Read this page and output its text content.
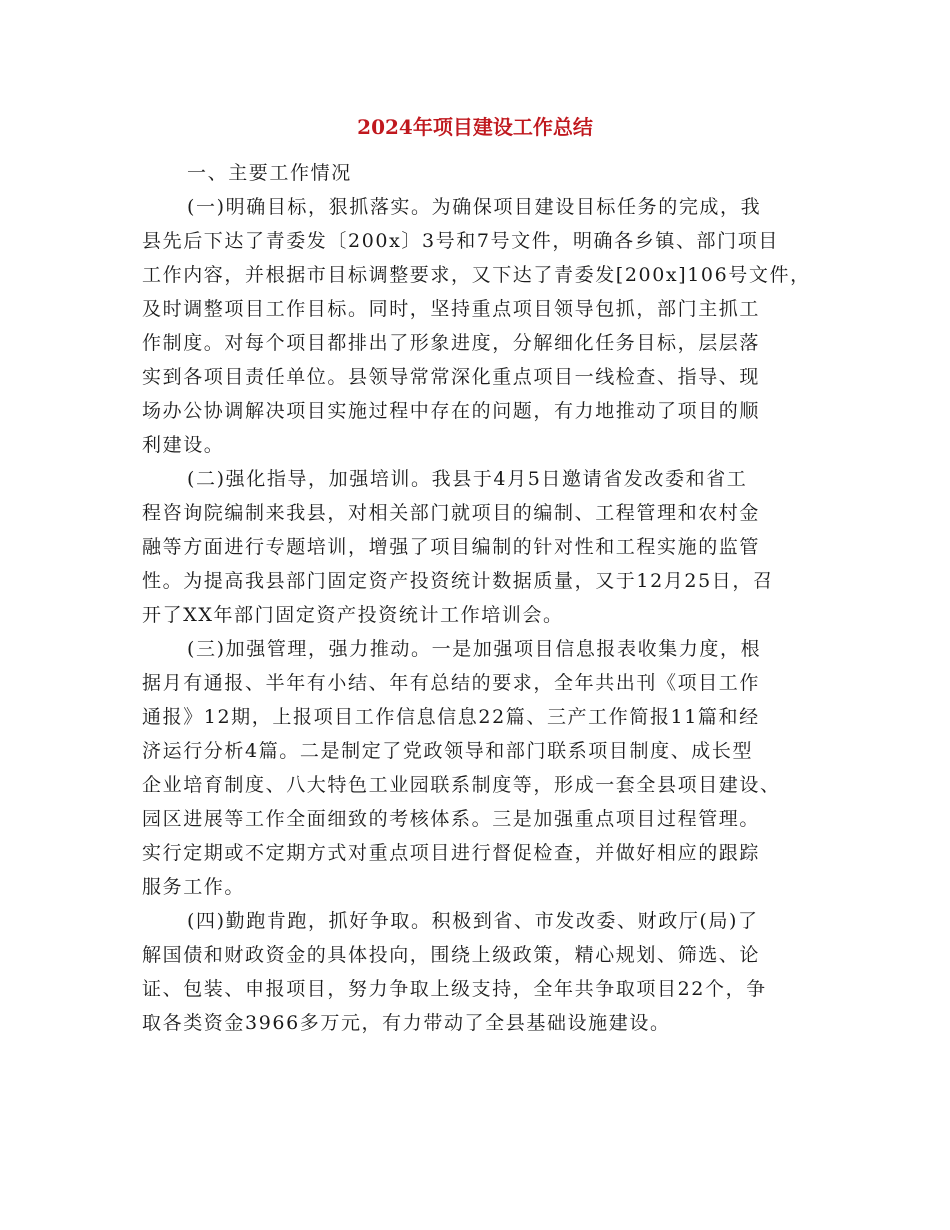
2024年项目建设工作总结
一、主要工作情况
(一)明确目标，狠抓落实。为确保项目建设目标任务的完成，我
县先后下达了青委发〔200x〕3号和7号文件，明确各乡镇、部门项目
工作内容，并根据市目标调整要求，又下达了青委发[200x]106号文件，
及时调整项目工作目标。同时，坚持重点项目领导包抓，部门主抓工
作制度。对每个项目都排出了形象进度，分解细化任务目标，层层落
实到各项目责任单位。县领导常常深化重点项目一线检查、指导、现
场办公协调解决项目实施过程中存在的问题，有力地推动了项目的顺
利建设。
(二)强化指导，加强培训。我县于4月5日邀请省发改委和省工
程咨询院编制来我县，对相关部门就项目的编制、工程管理和农村金
融等方面进行专题培训，增强了项目编制的针对性和工程实施的监管
性。为提高我县部门固定资产投资统计数据质量，又于12月25日，召
开了XX年部门固定资产投资统计工作培训会。
(三)加强管理，强力推动。一是加强项目信息报表收集力度，根
据月有通报、半年有小结、年有总结的要求，全年共出刊《项目工作
通报》12期，上报项目工作信息信息22篇、三产工作简报11篇和经
济运行分析4篇。二是制定了党政领导和部门联系项目制度、成长型
企业培育制度、八大特色工业园联系制度等，形成一套全县项目建设、
园区进展等工作全面细致的考核体系。三是加强重点项目过程管理。
实行定期或不定期方式对重点项目进行督促检查，并做好相应的跟踪
服务工作。
(四)勤跑肯跑，抓好争取。积极到省、市发改委、财政厅(局)了
解国债和财政资金的具体投向，围绕上级政策，精心规划、筛选、论
证、包装、申报项目，努力争取上级支持，全年共争取项目22个，争
取各类资金3966多万元，有力带动了全县基础设施建设。
